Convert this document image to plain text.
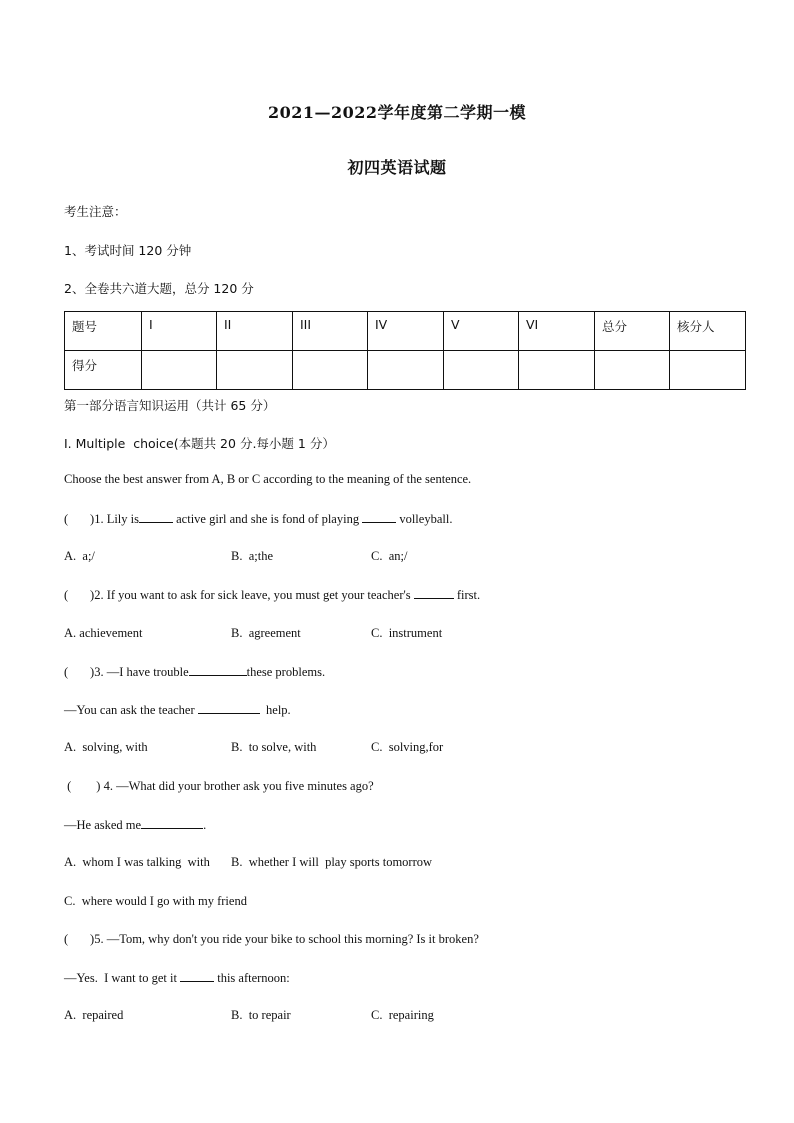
2021—2022学年度第二学期一模
初四英语试题
考生注意：
1、考试时间 120 分钟
2、全卷共六道大题，总分 120 分
题号	I	II	III	IV	V	VI	总分	核分人
得分								
第一部分语言知识运用（共计 65 分）
I. Multiple  choice(本题共 20 分.每小题 1 分）
Choose the best answer from A, B or C according to the meaning of the sentence.
(       )1. Lily is	active girl and she is fond of playing	volleyball.
A.  a;/	B.  a;the	C.  an;/
(       )2. If you want to ask for sick leave, you must get your teacher's	first.
A. achievement	B.  agreement	C.  instrument
(       )3. —I have trouble	these problems.
—You can ask the teacher	help.
A.  solving, with	B.  to solve, with	C.  solving,for
(        ) 4. —What did your brother ask you five minutes ago?
—He asked me	.
A.  whom I was talking  with B.  whether I will  play sports tomorrow
C.  where would I go with my friend
(       )5. —Tom, why don't you ride your bike to school this morning? Is it broken?
—Yes.  I want to get it	this afternoon:
A.  repaired	B.  to repair	C.  repairing
